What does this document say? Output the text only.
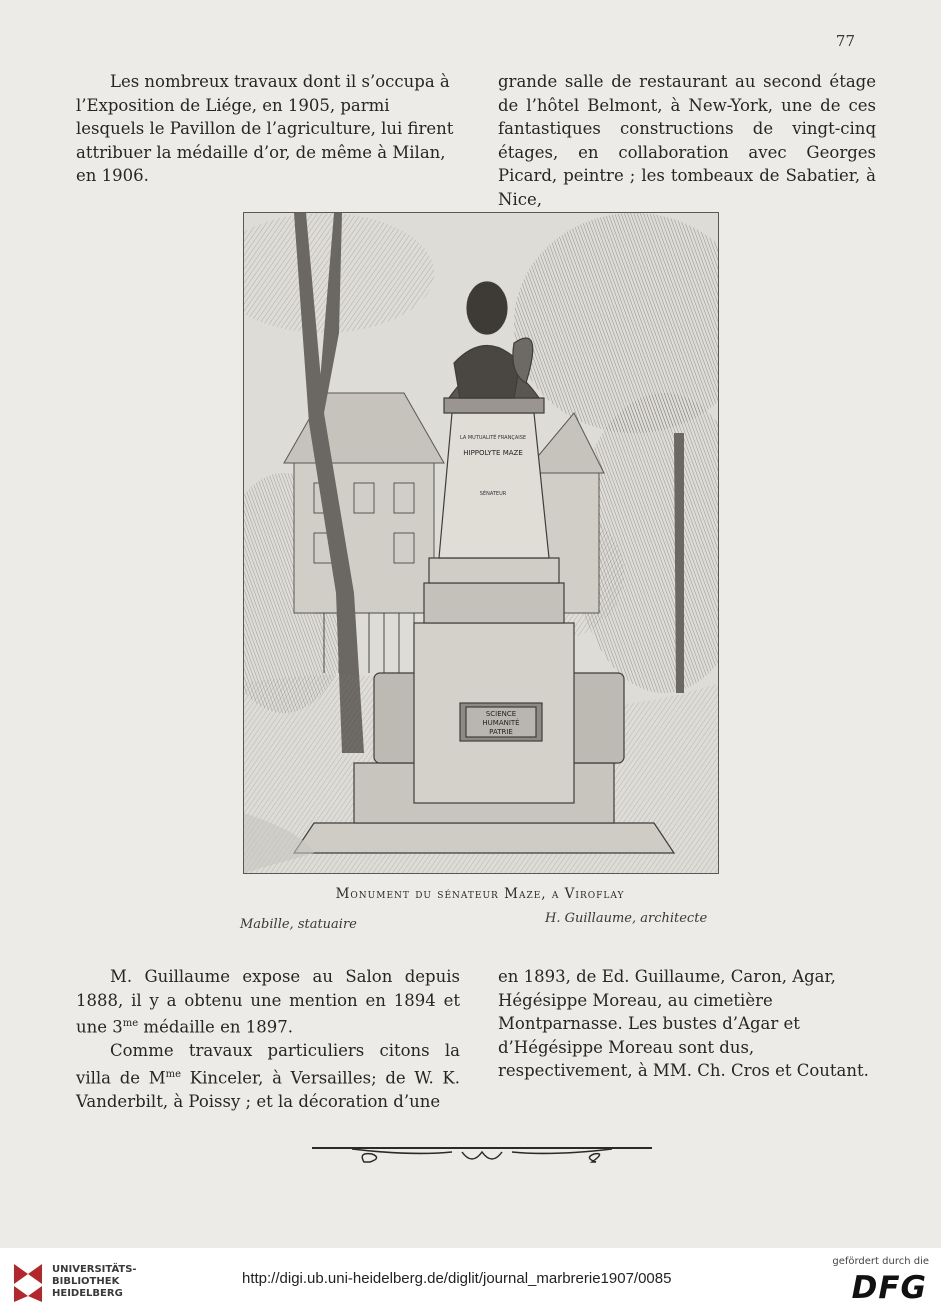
77

Les nombreux travaux dont il s’occupa à l’Exposition de Liége, en 1905, parmi lesquels le Pavillon de l’agriculture, lui firent attribuer la médaille d’or, de même à Milan, en 1906.

grande salle de restaurant au second étage de l’hôtel Belmont, à New-York, une de ces fantastiques constructions de vingt-cinq étages, en collaboration avec Georges Picard, peintre ; les tombeaux de Sabatier, à Nice,

SCIENCE
HUMANITÉ
PATRIE
LA MUTUALITÉ FRANÇAISE
HIPPOLYTE MAZE
SÉNATEUR
Monument du sénateur Maze, a Viroflay
Mabille, statuaire	H. Guillaume, architecte

M. Guillaume expose au Salon depuis 1888, il y a obtenu une mention en 1894 et une $3^{me}$ médaille en 1897.

Comme travaux particuliers citons la villa de $M^{me}$ Kinceler, à Versailles; de W. K. Vanderbilt, à Poissy ; et la décoration d’une

en 1893, de Ed. Guillaume, Caron, Agar, Hégésippe Moreau, au cimetière Montparnasse. Les bustes d’Agar et d’Hégésippe Moreau sont dus, respectivement, à MM. Ch. Cros et Coutant.

UNIVERSITÄTS-
BIBLIOTHEK
HEIDELBERG
http://digi.ub.uni-heidelberg.de/diglit/journal_marbrerie1907/0085
gefördert durch die
DFG
